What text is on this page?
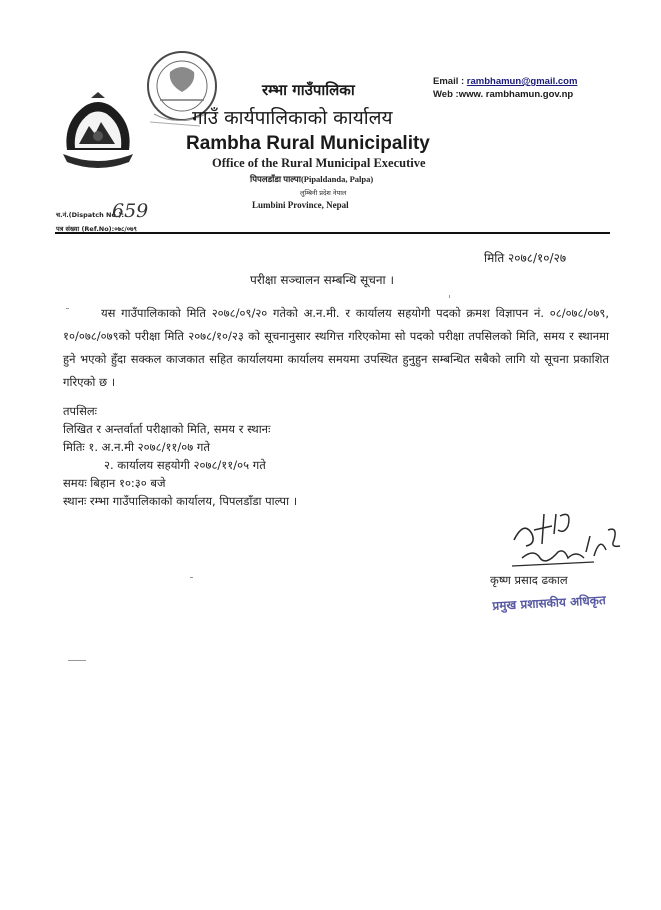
रम्भा गाउँपालिका
गाउँ कार्यपालिकाको कार्यालय
Rambha Rural Municipality
Office of the Rural Municipal Executive
पिपलडाँडा पाल्पा(Pipaldanda, Palpa)
लुम्बिनी प्रदेश नेपाल
Lumbini Province, Nepal
Email : rambhamun@gmail.com
Web :www. rambhamun.gov.np
च.नं.(Dispatch No.):
659
पत्र संख्या (Ref.No):०७८/०७९
मिति २०७८/१०/२७
परीक्षा सञ्चालन सम्बन्धि सूचना ।
यस गाउँपालिकाको मिति २०७८/०९/२० गतेको अ.न.मी. र कार्यालय सहयोगी पदको क्रमश विज्ञापन नं. ०८/०७८/०७९, १०/०७८/०७९को परीक्षा मिति २०७८/१०/२३ को सूचनानुसार स्थगित्त गरिएकोमा सो पदको परीक्षा तपसिलको मिति, समय र स्थानमा हुने भएको हुँदा सक्कल काजकात सहित कार्यालयमा कार्यालय समयमा उपस्थित हुनुहुन सम्बन्धित सबैको लागि यो सूचना प्रकाशित गरिएको छ ।
तपसिलः
लिखित र अन्तर्वार्ता परीक्षाको मिति, समय र स्थानः
मितिः १. अ.न.मी २०७८/११/०७ गते
२. कार्यालय सहयोगी २०७८/११/०५ गते
समयः बिहान १०:३० बजे
स्थानः रम्भा गाउँपालिकाको कार्यालय, पिपलडाँडा पाल्पा ।
कृष्ण प्रसाद ढकाल
प्रमुख प्रशासकीय अधिकृत
